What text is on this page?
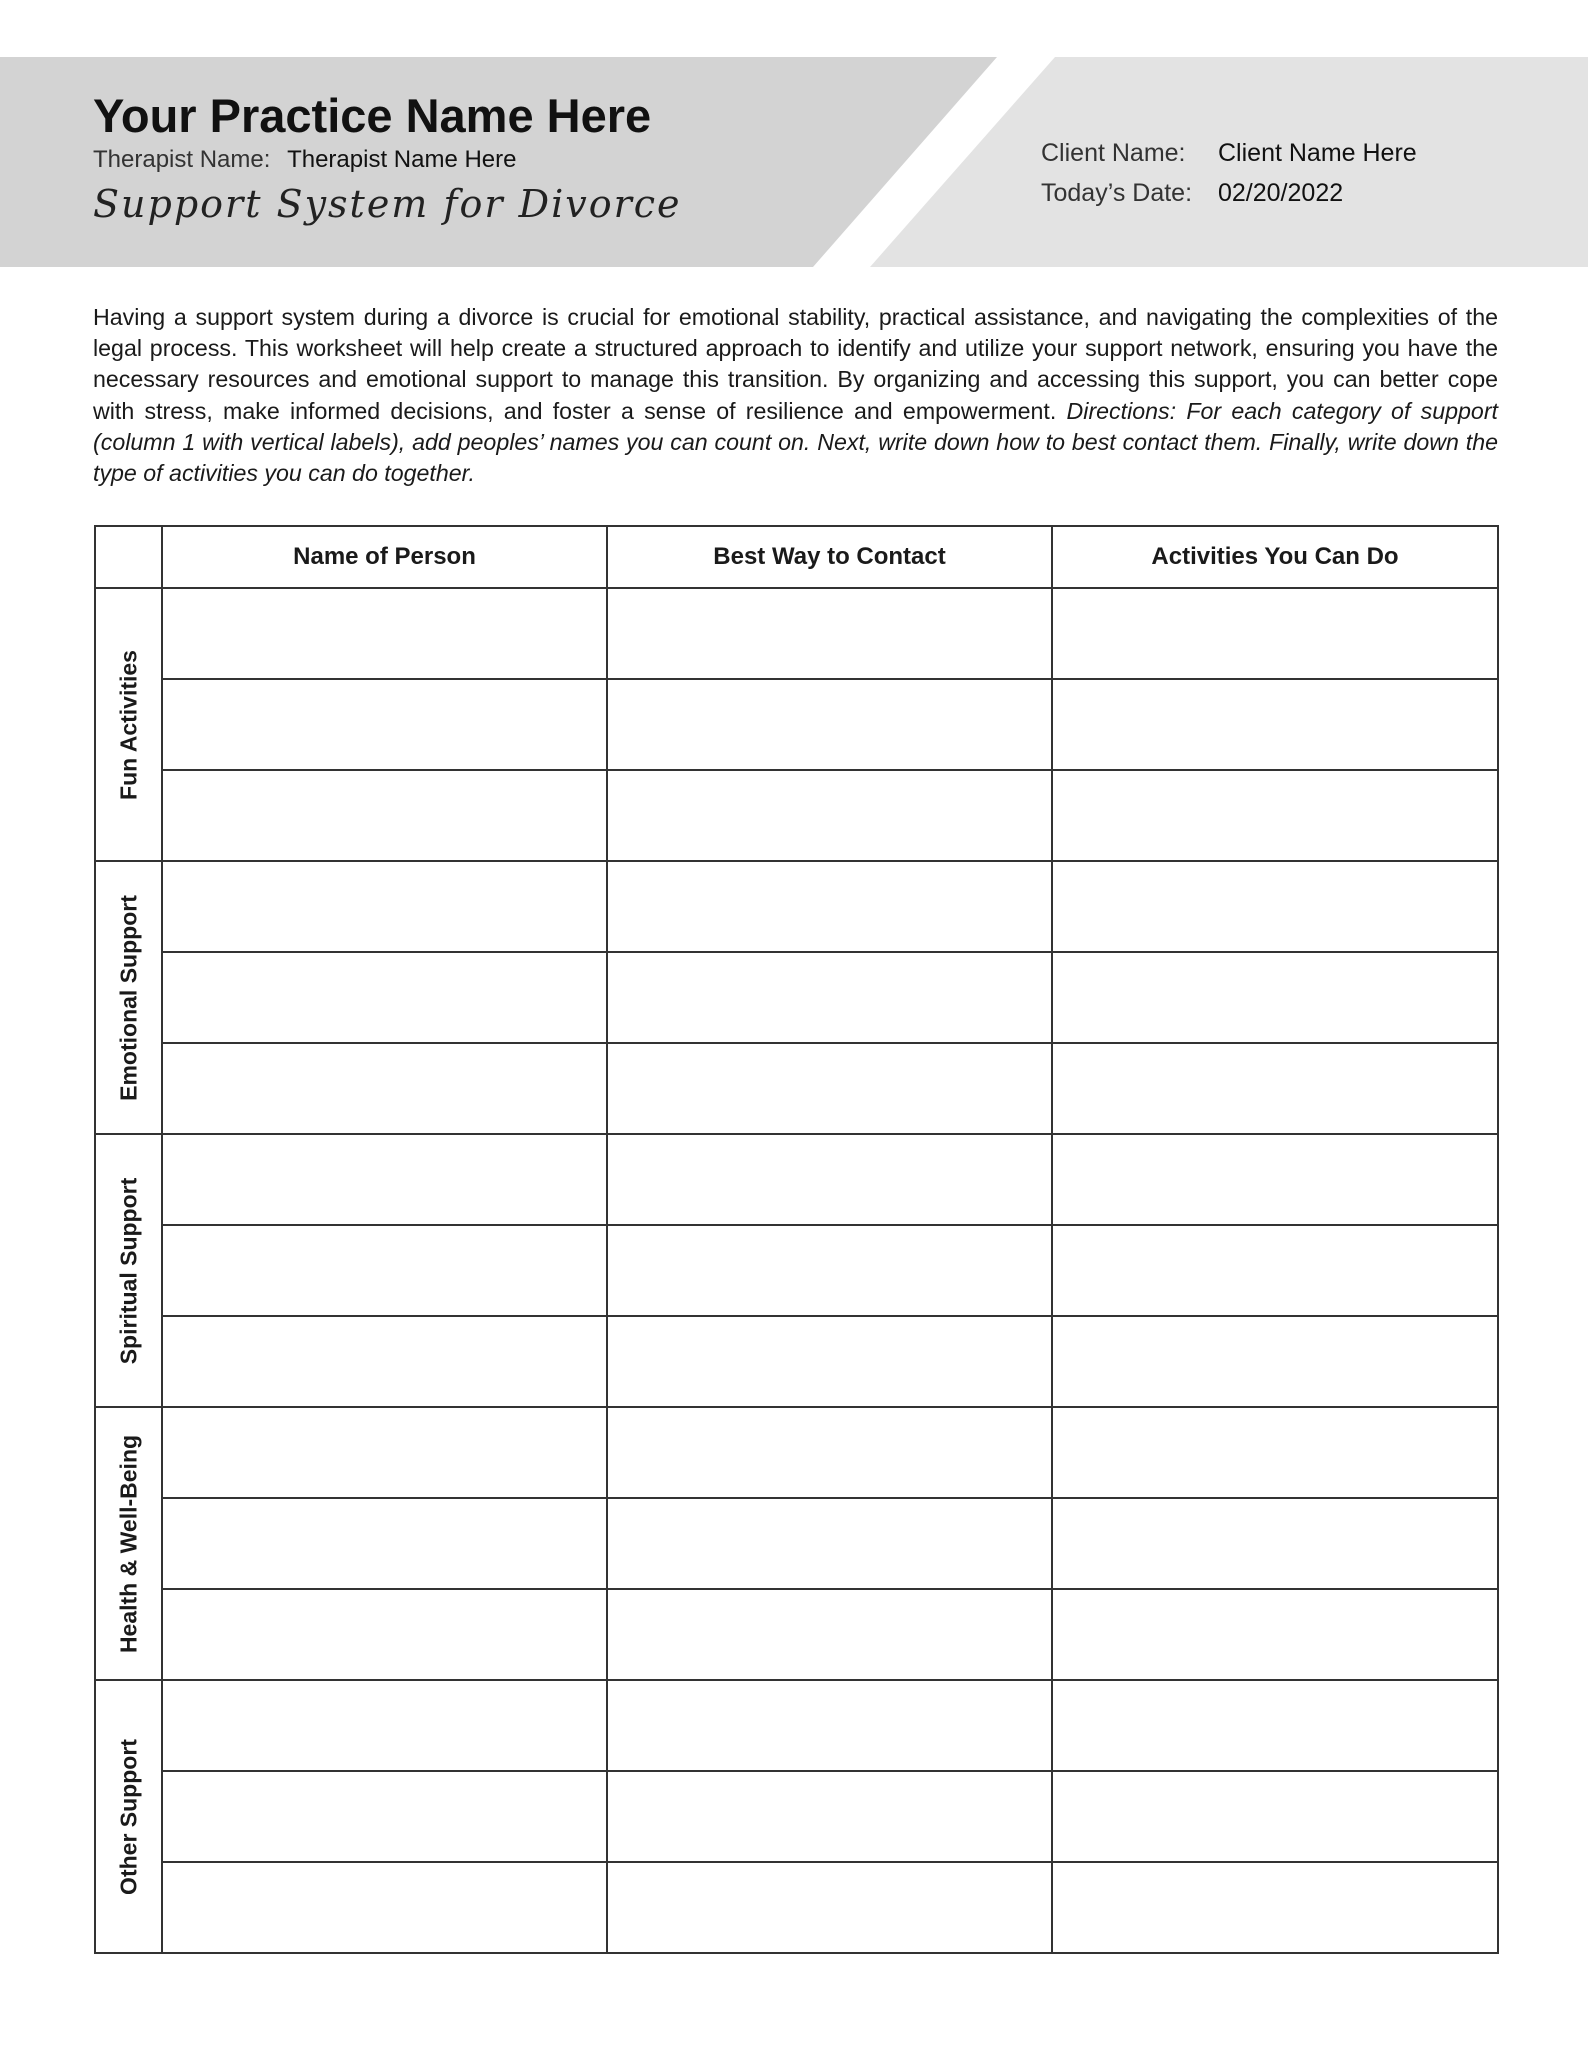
Your Practice Name Here
Therapist Name: Therapist Name Here
Support System for Divorce
Client Name:	Client Name Here
Today’s Date:	02/20/2022
Having a support system during a divorce is crucial for emotional stability, practical assistance, and navigating the complexities of the legal process. This worksheet will help create a structured approach to identify and utilize your support network, ensuring you have the necessary resources and emotional support to manage this transition. By organizing and accessing this support, you can better cope with stress, make informed decisions, and foster a sense of resilience and empowerment. Directions: For each category of support (column 1 with vertical labels), add peoples’ names you can count on. Next, write down how to best contact them. Finally, write down the type of activities you can do together.
	Name of Person	Best Way to Contact	Activities You Can Do

Fun Activities			

Emotional Support			

Spiritual Support			

Health & Well-Being			

Other Support			
